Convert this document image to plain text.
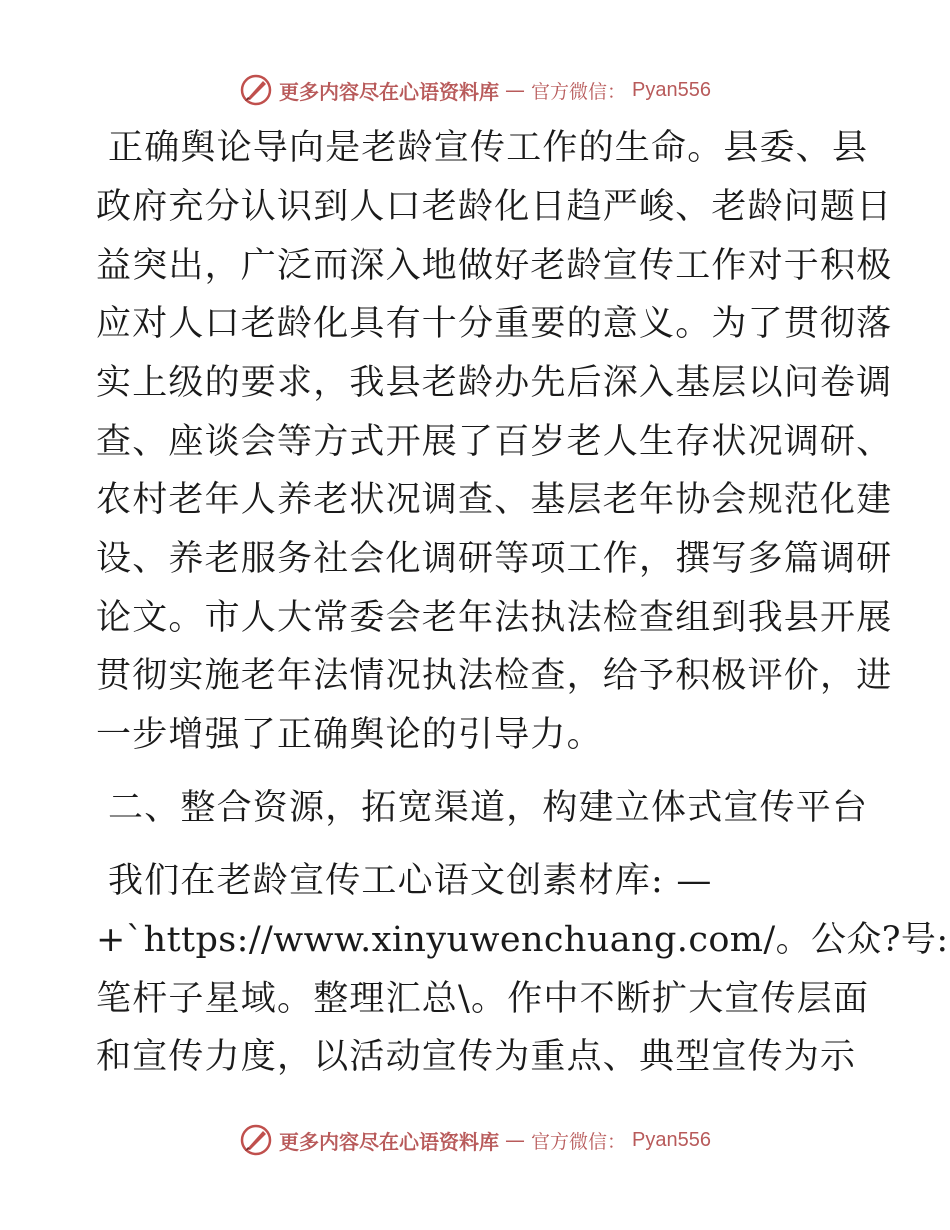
更多内容尽在心语资料库 — 官方微信： Pyan556
正确舆论导向是老龄宣传工作的生命。县委、县
政府充分认识到人口老龄化日趋严峻、老龄问题日
益突出，广泛而深入地做好老龄宣传工作对于积极
应对人口老龄化具有十分重要的意义。为了贯彻落
实上级的要求，我县老龄办先后深入基层以问卷调
查、座谈会等方式开展了百岁老人生存状况调研、
农村老年人养老状况调查、基层老年协会规范化建
设、养老服务社会化调研等项工作，撰写多篇调研
论文。市人大常委会老年法执法检查组到我县开展
贯彻实施老年法情况执法检查，给予积极评价，进
一步增强了正确舆论的引导力。
二、整合资源，拓宽渠道，构建立体式宣传平台
我们在老龄宣传工心语文创素材库: —
+`https://www.xinyuwenchuang.com/。公众?号:
笔杆子星域。整理汇总\。作中不断扩大宣传层面
和宣传力度，以活动宣传为重点、典型宣传为示
更多内容尽在心语资料库 — 官方微信： Pyan556
